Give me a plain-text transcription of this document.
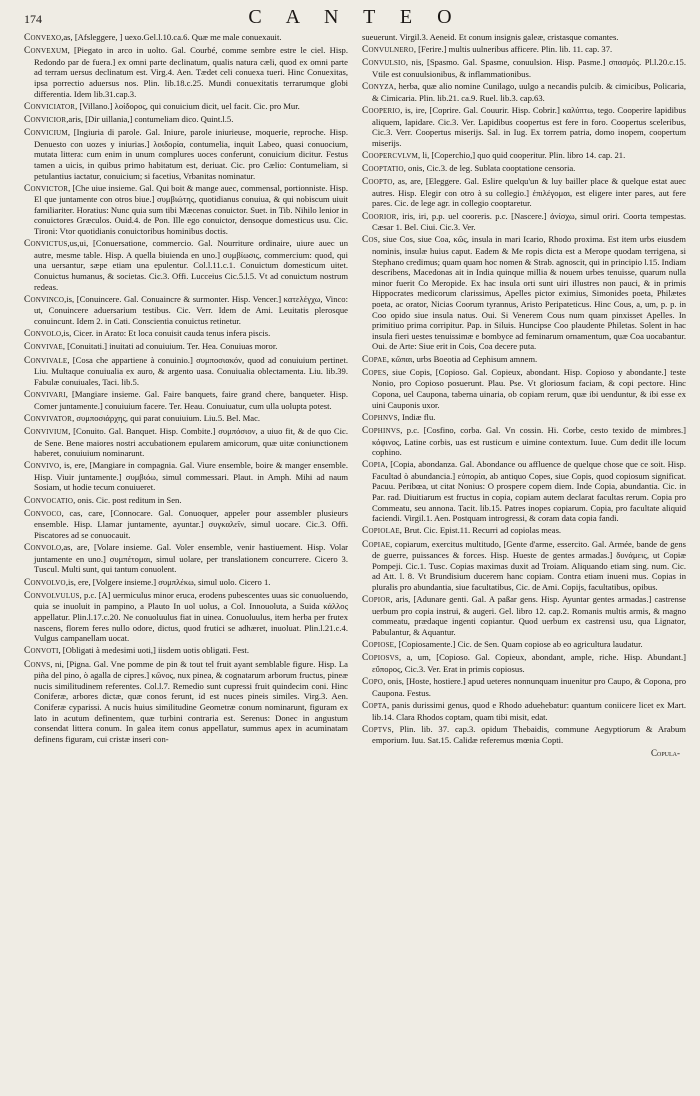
174	C A N T E O

Convexo,as, [Afsleggere, ] uexo.Gel.l.10.ca.6. Quæ me male conuexauit.

Convexum, [Piegato in arco in uolto. Gal. Courbé, comme sembre estre le ciel. Hisp. Redondo par de fuera.] ex omni parte declinatum, qualis natura cæli, quod ex omni parte ad terram uersus declinatum est. Virg.4. Aen. Tædet celi conuexa tueri. Hinc Conuexitas, ipsa porrectio aduersus nos. Plin. lib.18.c.25. Mundi conuexitatis terrarumque globi differentia. Idem lib.31.cap.3.

Conviciator, [Villano.] λοίδορος, qui conuicium dicit, uel facit. Cic. pro Mur.

Convicior,aris, [Dir uillania,] contumeliam dico. Quint.l.5.

Convicium, [Ingiuria di parole. Gal. Iniure, parole iniurieuse, moquerie, reproche. Hisp. Denuesto con uozes y iniurias.] λοιδορία, contumelia, inquit Labeo, quasi conuocium, mutata littera: cum enim in unum complures uoces conferunt, conuicium dicitur. Festus tamen a uicis, in quibus primo habitatum est, deriuat. Cic. pro Cælio: Contumeliam, si petulantius iactatur, conuicium; si facetius, Vrbanitas nominatur.

Convictor, [Che uiue insieme. Gal. Qui boit & mange auec, commensal, portionniste. Hisp. El que juntamente con otros biue.] συμβιώτης, quotidianus conuiua, & qui nobiscum uiuit familiariter. Horatius: Nunc quia sum tibi Mæcenas conuictor. Suet. in Tib. Nihilo lenior in conuictores Græculos. Ouid.4. de Pon. Ille ego conuictor, densoque domesticus usu. Cic. Tironi: Vtor quotidianis conuictoribus hominibus doctis.

Convictus,us,ui, [Conuersatione, commercio. Gal. Nourriture ordinaire, uiure auec un autre, mesme table. Hisp. A quella biuienda en uno.] συμβίωσις, commercium: quod, qui una uersantur, sæpe etiam una epulentur. Col.l.11.c.1. Conuictum domesticum uitet. Conuictus humanus, & societas. Cic.3. Offi. Lucceius Cic.5.l.5. Vt ad conuictum nostrum redeas.

Convinco,is, [Conuincere. Gal. Conuaincre & surmonter. Hisp. Vencer.] κατελέγχω, Vinco: ut, Conuincere aduersarium testibus. Cic. Verr. Idem de Ami. Leuitatis plerosque conuincunt. Idem 2. in Cati. Conscientia conuictus retinetur.

Convolo,is, Cicer. in Arato: Et loca conuisit cauda tenus infera piscis.

Convivae, [Conuitati.] inuitati ad conuiuium. Ter. Hea. Conuiuas moror.

Convivale, [Cosa che appartiene à conuinio.] συμποσιακόν, quod ad conuiuium pertinet. Liu. Multaque conuiualia ex auro, & argento uasa. Conuiualia oblectamenta. Liu. lib.39. Fabulæ conuiuales, Taci. lib.5.

Convivari, [Mangiare insieme. Gal. Faire banquets, faire grand chere, banqueter. Hisp. Comer juntamente.] conuiuium facere. Ter. Heau. Conuiuatur, cum ulla uolupta potest.

Convivator, συμποσιάρχης, qui parat conuiuium. Liu.5. Bel. Mac.

Convivium, [Conuito. Gal. Banquet. Hisp. Combite.] συμπόσιον, a uiuo fit, & de quo Cic. de Sene. Bene maiores nostri accubationem epularem amicorum, quæ uitæ coniunctionem haberet, conuiuium nominarunt.

Convivo, is, ere, [Mangiare in compagnia. Gal. Viure ensemble, boire & manger ensemble. Hisp. Viuir juntamente.] συμβιόω, simul commessari. Plaut. in Amph. Mihi ad naum Sosiam, ut hodie tecum conuiueret.

Convocatio, onis. Cic. post reditum in Sen.

Convoco, cas, care, [Connocare. Gal. Conuoquer, appeler pour assembler plusieurs ensemble. Hisp. Llamar juntamente, ayuntar.] συγκαλεῖν, simul uocare. Cic.3. Offi. Piscatores ad se conuocauit.

Convolo,as, are, [Volare insieme. Gal. Voler ensemble, venir hastiuement. Hisp. Volar juntamente en uno.] συμπέτομαι, simul uolare, per translationem concurrere. Cicero 3. Tuscul. Multi sunt, qui tantum conuolent.

Convolvo,is, ere, [Volgere insieme.] συμπλέκω, simul uolo. Cicero 1.

Convolvulus, p.c. [A] uermiculus minor eruca, erodens pubescentes uuas sic conuoluendo, quia se inuoluit in pampino, a Plauto In uol uolus, a Col. Innouoluta, a Suida κάλλος appellatur. Plin.l.17.c.20. Ne conuoluulus fiat in uinea. Conuoluulus, item herba per frutex nascens, florem feres nullo odore, dictus, quod frutici se adhæret, inuoluat. Plin.l.21.c.4. Vulgus campanellam uocat.

Convoti, [Obligati à medesimi uoti,] iisdem uotis obligati. Fest.

Convs, ni, [Pigna. Gal. Vne pomme de pin & tout tel fruit ayant semblable figure. Hisp. La piña del pino, ò agalla de cipres.] κῶνος, nux pinea, & cognatarum arborum fructus, pineæ nucis similitudinem referentes. Col.l.7. Remedio sunt cupressi fruit quindecim coni. Hinc Coniferæ, arbores dictæ, quæ conos ferunt, id est nuces pineis similes. Virg.3. Aen. Coniferæ cyparissi. A nucis huius similitudine Geometræ conum nominarunt, figuram ex lato in acutum definentem, quæ turbini contraria est. Serenus: Donec in angustum consendat littera conum. In galea item conus appellatur, summus apex in acuminatam definens figuram, cui cristæ inseri con-

sueuerunt. Virgil.3. Aeneid. Et conum insignis galeæ, cristasque comantes.

Convulnero, [Ferire.] multis uulneribus afficere. Plin. lib. 11. cap. 37.

Convulsio, nis, [Spasmo. Gal. Spasme, conuulsion. Hisp. Pasme.] σπασμός. Pl.l.20.c.15. Vtile est conuulsionibus, & inflammationibus.

Conyza, herba, quæ alio nomine Cunilago, uulgo a necandis pulcib. & cimicibus, Policaria, & Cimicaria. Plin. lib.21. ca.9. Ruel. lib.3. cap.63.

Cooperio, is, ire, [Coprire. Gal. Couurir. Hisp. Cobrir.] καλύπτω, tego. Cooperire lapidibus aliquem, lapidare. Cic.3. Ver. Lapidibus coopertus est fere in foro. Coopertus sceleribus, Cic.3. Verr. Coopertus miserijs. Sal. in Iug. Ex torrem patria, domo inopem, coopertum miserijs.

Coopercvlvm, li, [Coperchio,] quo quid cooperitur. Plin. libro 14. cap. 21.

Cooptatio, onis, Cic.3. de leg. Sublata cooptatione censoria.

Coopto, as, are, [Eleggere. Gal. Eslire quelqu'un & luy bailler place & quelque estat auec autres. Hisp. Elegir con otro à su collegio.] ἐπιλέγομαι, est eligere inter pares, aut fere pares. Cic. de lege agr. in collegio cooptaretur.

Coorior, iris, iri, p.p. uel cooreris. p.c. [Nascere.] ἀνίσχω, simul oriri. Coorta tempestas. Cæsar 1. Bel. Ciui. Cic.3. Ver.

Cos, siue Cos, siue Coa, κῶς, insula in mari Icario, Rhodo proxima. Est item urbs eiusdem nominis, insulæ huius caput. Eadem & Me ropis dicta est a Merope quodam terrigena, si Stephano credimus; quam quam hoc nomen & Strab. agnoscit, qui in principio l.15. Indiam describens, Macedonas ait in India quinque millia & nouem urbes tenuisse, quarum nulla minor fuerit Co Meropide. Ex hac insula orti sunt uiri illustres non pauci, & in primis Hippocrates medicorum clarissimus, Apelles pictor eximius, Simonides poeta, Philætes poeta, ac orator, Nicias Coorum tyrannus, Aristo Peripateticus. Hinc Cous, a, um, p. p. in Coo opido siue insula natus. Oui. Si Venerem Cous num quam pinxisset Apelles. In primitiuo prima corripitur. Pap. in Siluis. Huncipse Coo plaudente Philetas. Solent in hac insula fieri uestes tenuissimæ e bombyce ad feminarum ornamentum, quæ Coa uocabantur. Oui. de Arte: Siue erit in Cois, Coa decere puta.

Copae, κῶπαι, urbs Boeotia ad Cephisum amnem.

Copes, siue Copis, [Copioso. Gal. Copieux, abondant. Hisp. Copioso y abondante.] teste Nonio, pro Copioso posuerunt. Plau. Pse. Vt gloriosum faciam, & copi pectore. Hinc Copona, uel Caupona, taberna uinaria, ob copiam rerum, quæ ibi uenduntur, & ibi esse ex uini Cauponis uxor.

Cophnvs, Indiæ flu.

Cophinvs, p.c. [Cosfino, corba. Gal. Vn cossin. Hi. Corbe, cesto texido de mimbres.] κόφινος, Latine corbis, uas est rusticum e uimine contextum. Iuue. Cum dedit ille locum cophino.

Copia, [Copia, abondanza. Gal. Abondance ou affluence de quelque chose que ce soit. Hisp. Facultad ò abundancia.] εὐπορία, ab antiquo Copes, siue Copis, quod copiosum significat. Pacuu. Peribœa, ut citat Nonius: O prospere copem diem. Inde Copia, abundantia. Cic. in Par. rad. Diuitiarum est fructus in copia, copiam autem declarat facultas rerum. Copia pro Commeatu, seu annona. Tacit. lib.15. Patres inopes copiarum. Copia, pro facultate aliquid faciendi. Virgil.1. Aen. Postquam introgressi, & coram data copia fandi.

Copiolae, Brut. Cic. Epist.11. Recurri ad copiolas meas.

Copiae, copiarum, exercitus multitudo, [Gente d'arme, essercito. Gal. Armée, bande de gens de guerre, puissances & forces. Hisp. Hueste de gentes armadas.] δυνάμεις, ut Copiæ Pompeji. Cic.1. Tusc. Copias maximas duxit ad Troiam. Aliquando etiam sing. num. Cic. ad Att. l. 8. Vt Brundisium ducerem hanc copiam. Contra etiam inueni mus. Copias in pluralis pro abundantia, siue facultatibus, Cic. de Ami. Copijs, facultatibus, opibus.

Copior, aris, [Adunare genti. Gal. A paßar gens. Hisp. Ayuntar gentes armadas.] castrense uerbum pro copia instrui, & augeri. Gel. libro 12. cap.2. Romanis multis armis, & magno commeatu, prædaque ingenti copiantur. Quod uerbum ex castrensi usu, qua Lignator, Pabulantur, & Aquantur.

Copiose, [Copiosamente.] Cic. de Sen. Quam copiose ab eo agricultura laudatur.

Copiosvs, a, um, [Copioso. Gal. Copieux, abondant, ample, riche. Hisp. Abundant.] εὔπορος, Cic.3. Ver. Erat in primis copiosus.

Copo, onis, [Hoste, hostiere.] apud ueteres nonnunquam inuenitur pro Caupo, & Copona, pro Caupona. Festus.

Copta, panis durissimi genus, quod e Rhodo aduehebatur: quantum coniicere licet ex Mart. lib.14. Clara Rhodos coptam, quam tibi misit, edat.

Coptvs, Plin. lib. 37. cap.3. opidum Thebaidis, commune Aegyptiorum & Arabum emporium. Iuu. Sat.15. Calidæ referemus mœnia Copti.

Copula-
